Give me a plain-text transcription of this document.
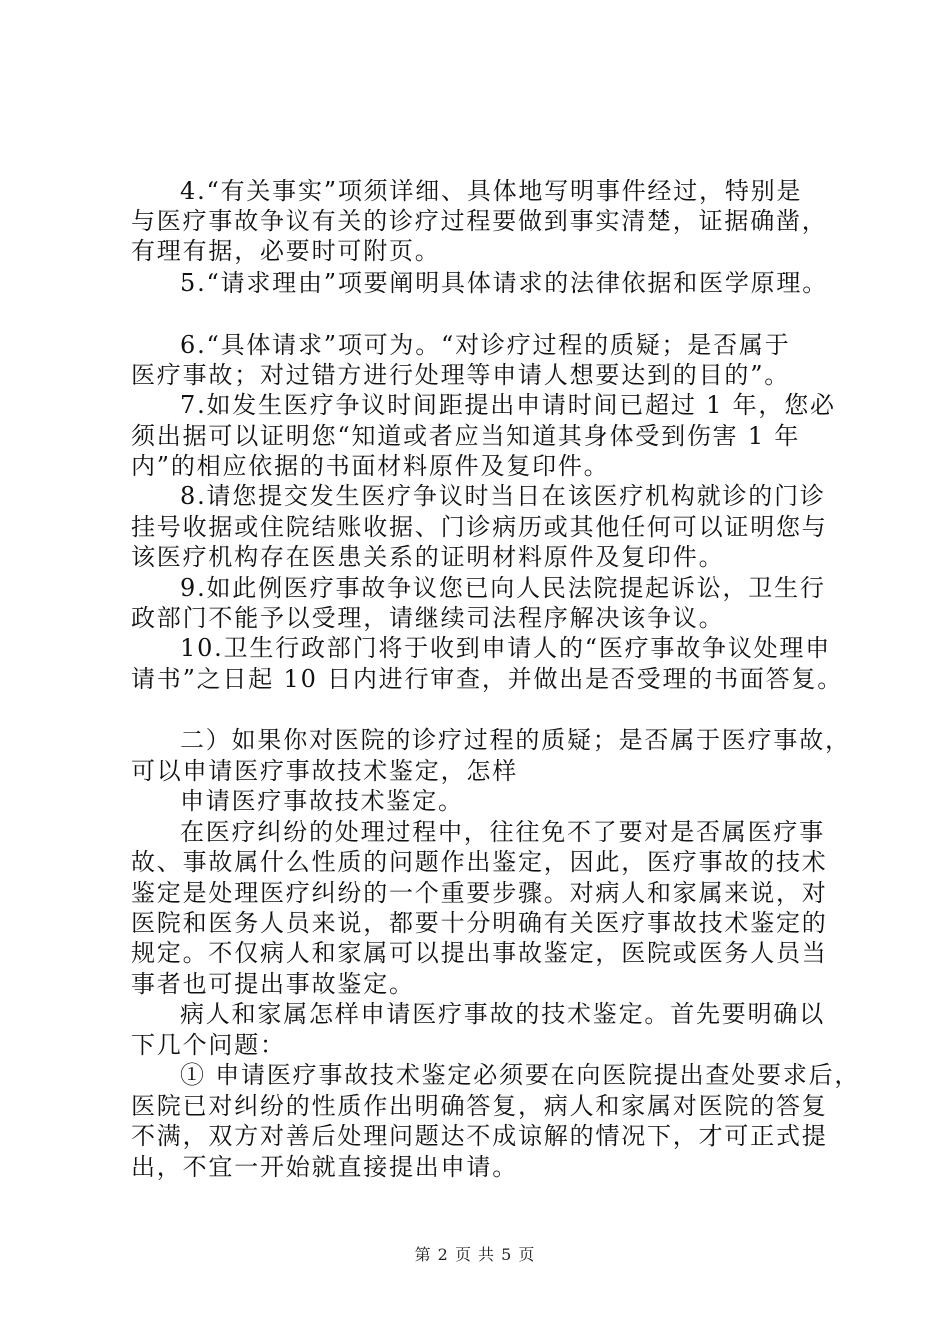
4.“有关事实”项须详细、具体地写明事件经过，特别是
与医疗事故争议有关的诊疗过程要做到事实清楚，证据确凿，
有理有据，必要时可附页。
5.“请求理由”项要阐明具体请求的法律依据和医学原理。
6.“具体请求”项可为。“对诊疗过程的质疑；是否属于
医疗事故；对过错方进行处理等申请人想要达到的目的”。
7.如发生医疗争议时间距提出申请时间已超过 1 年，您必
须出据可以证明您“知道或者应当知道其身体受到伤害 1 年
内”的相应依据的书面材料原件及复印件。
8.请您提交发生医疗争议时当日在该医疗机构就诊的门诊
挂号收据或住院结账收据、门诊病历或其他任何可以证明您与
该医疗机构存在医患关系的证明材料原件及复印件。
9.如此例医疗事故争议您已向人民法院提起诉讼，卫生行
政部门不能予以受理，请继续司法程序解决该争议。
10.卫生行政部门将于收到申请人的“医疗事故争议处理申
请书”之日起 10 日内进行审查，并做出是否受理的书面答复。
二）如果你对医院的诊疗过程的质疑；是否属于医疗事故，
可以申请医疗事故技术鉴定，怎样
申请医疗事故技术鉴定。
在医疗纠纷的处理过程中，往往免不了要对是否属医疗事
故、事故属什么性质的问题作出鉴定，因此，医疗事故的技术
鉴定是处理医疗纠纷的一个重要步骤。对病人和家属来说，对
医院和医务人员来说，都要十分明确有关医疗事故技术鉴定的
规定。不仅病人和家属可以提出事故鉴定，医院或医务人员当
事者也可提出事故鉴定。
病人和家属怎样申请医疗事故的技术鉴定。首先要明确以
下几个问题：
① 申请医疗事故技术鉴定必须要在向医院提出查处要求后，
医院已对纠纷的性质作出明确答复，病人和家属对医院的答复
不满，双方对善后处理问题达不成谅解的情况下，才可正式提
出，不宜一开始就直接提出申请。
第 2 页 共 5 页
